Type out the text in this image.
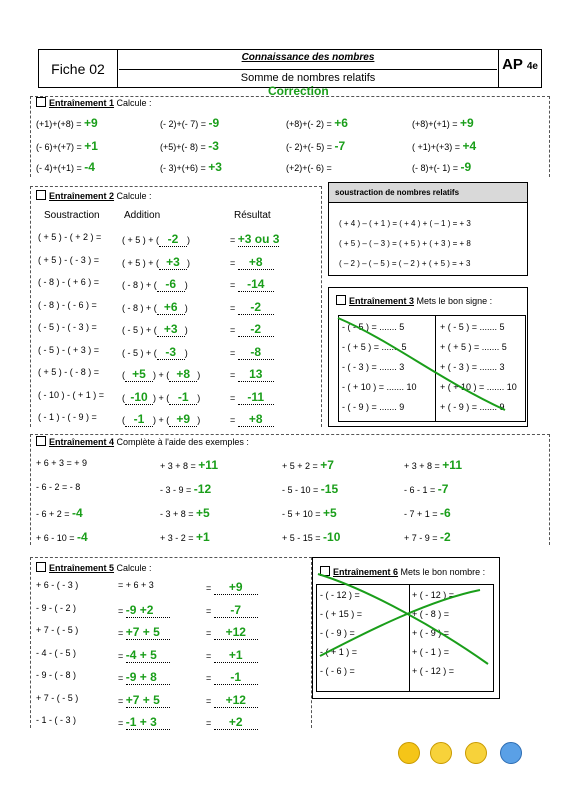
Fiche 02
Connaissance des nombres
Somme de nombres relatifs
AP 4e
Correction
Entraînement 1 Calcule :
(+1)+(+8) = +9	(- 2)+(- 7) = -9	(+8)+(- 2) = +6	(+8)+(+1) = +9
(- 6)+(+7) = +1	(+5)+(- 8) = -3	(- 2)+(- 5) = -7	( +1)+(+3) = +4
(- 4)+(+1) = -4	(- 3)+(+6) = +3	(+2)+(- 6) =	(- 8)+(- 1) = -9
Entraînement 2 Calcule :
Soustraction Addition	Résultat
( + 5 ) - ( + 2 ) = ( + 5 ) + ( -2 )	= +3 ou 3
( + 5 ) - ( - 3 ) =	( + 5 ) + ( +3 )	= +8
( - 8 ) - ( + 6 ) =	( - 8 ) + ( -6 )	= -14
( - 8 ) - ( - 6 ) =	( - 8 ) + ( +6 )	= -2
( - 5 ) - ( - 3 ) =	( - 5 ) + ( +3 )	= -2
( - 5 ) - ( + 3 ) =	( - 5 ) + ( -3 )	= -8
( + 5 ) - ( - 8 ) =	( +5 ) + ( +8 )	= 13
( - 10 ) - ( + 1 ) = ( -10 ) + ( -1 )	= -11
( - 1 ) - ( - 9 ) =	( -1 ) + ( +9 )	= +8
soustraction de nombres relatifs
( + 4 ) – ( + 1 ) = ( + 4 ) + ( – 1 ) = + 3
( + 5 ) – ( – 3 ) = ( + 5 ) + ( + 3 ) = + 8
( – 2 ) – ( – 5 ) = ( – 2 ) + ( + 5 ) = + 3
Entraînement 3 Mets le bon signe :
- ( - 5 ) = ....... 5	+ ( - 5 ) = ....... 5
- ( + 5 ) = ....... 5	+ ( + 5 ) = ....... 5
- ( - 3 ) = ....... 3	+ ( - 3 ) = ....... 3
- ( + 10 ) = ....... 10	+ ( + 10 ) = ....... 10
- ( - 9 ) = ....... 9	+ ( - 9 ) = ....... 9
Entraînement 4 Complète à l'aide des exemples :
+ 6 + 3 = + 9	+ 3 + 8 = +11	+ 5 + 2 = +7	+ 3 + 8 = +11
- 6 - 2 = - 8	- 3 - 9 = -12	- 5 - 10 = -15	- 6 - 1 = -7
- 6 + 2 = -4	- 3 + 8 = +5	- 5 + 10 = +5	- 7 + 1 = -6
+ 6 - 10 = -4	+ 3 - 2 = +1	+ 5 - 15 = -10	+ 7 - 9 = -2
Entraînement 5 Calcule :
+ 6 - ( - 3 )	= + 6 + 3	= +9
- 9 - ( - 2 )	= -9 +2	= -7
+ 7 - ( - 5 )	= +7 + 5	= +12
- 4 - ( - 5 )	= -4 + 5	= +1
- 9 - ( - 8 )	= -9 + 8	= -1
+ 7 - ( - 5 )	= +7 + 5	= +12
- 1 - ( - 3 )	= -1 + 3	= +2
Entraînement 6 Mets le bon nombre :
- ( - 12 ) =	+ ( - 12 ) =
- ( + 15 ) =	+ ( - 8 ) =
- ( - 9 ) =	+ ( - 9 ) =
- ( + 1 ) =	+ ( - 1 ) =
- ( - 6 ) =	+ ( - 12 ) =
